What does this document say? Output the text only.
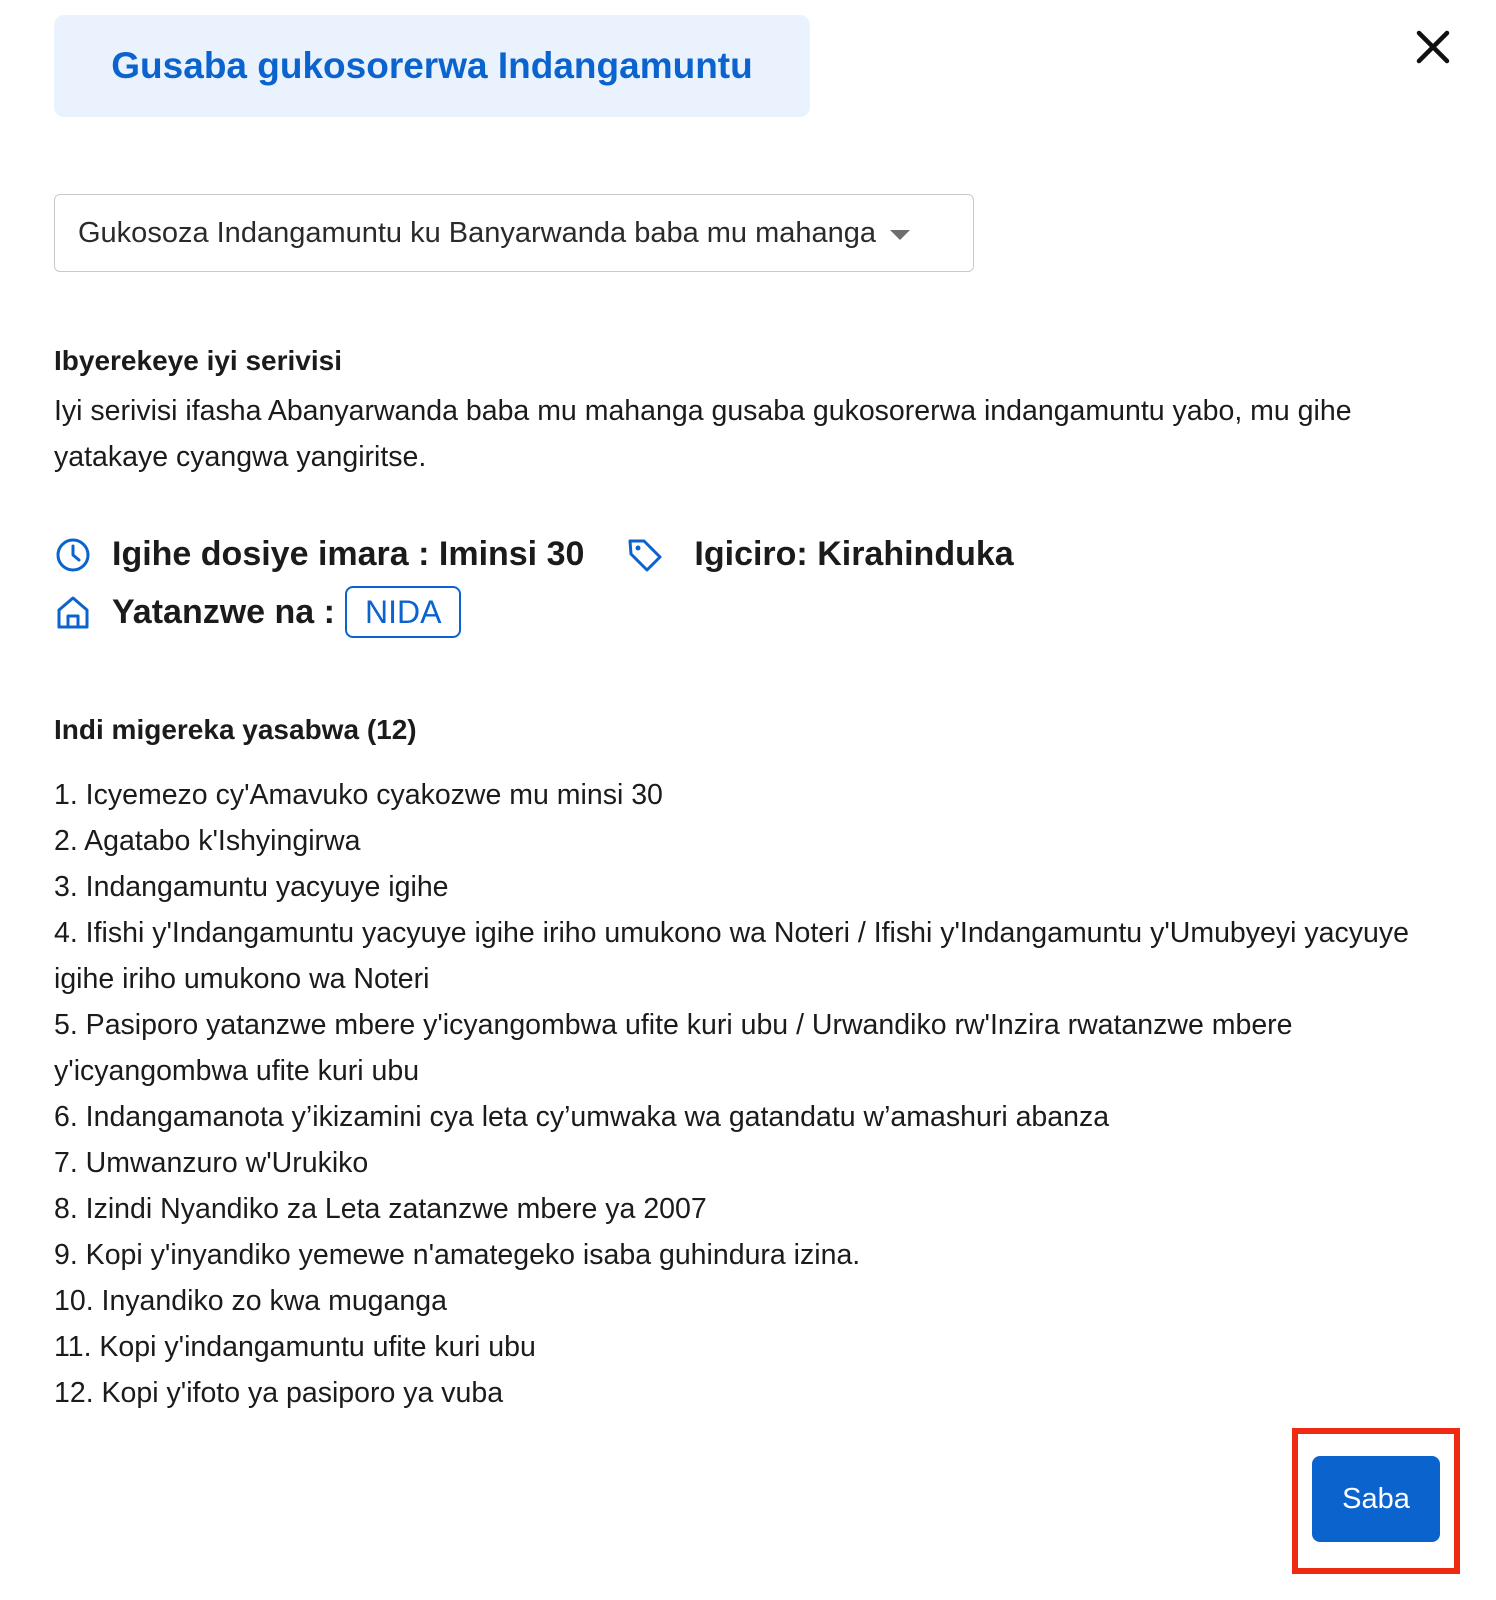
Gusaba gukosorerwa Indangamuntu
Gukosoza Indangamuntu ku Banyarwanda baba mu mahanga
Ibyerekeye iyi serivisi

Iyi serivisi ifasha Abanyarwanda baba mu mahanga gusaba gukosorerwa indangamuntu yabo, mu gihe yatakaye cyangwa yangiritse.

Igihe dosiye imara : Iminsi 30	Igiciro: Kirahinduka
Yatanzwe na : NIDA
Indi migereka yasabwa (12)
1. Icyemezo cy'Amavuko cyakozwe mu minsi 30
2. Agatabo k'Ishyingirwa
3. Indangamuntu yacyuye igihe
4. Ifishi y'Indangamuntu yacyuye igihe iriho umukono wa Noteri / Ifishi y'Indangamuntu y'Umubyeyi yacyuye igihe iriho umukono wa Noteri
5. Pasiporo yatanzwe mbere y'icyangombwa ufite kuri ubu / Urwandiko rw'Inzira rwatanzwe mbere y'icyangombwa ufite kuri ubu
6. Indangamanota y’ikizamini cya leta cy’umwaka wa gatandatu w’amashuri abanza
7. Umwanzuro w'Urukiko
8. Izindi Nyandiko za Leta zatanzwe mbere ya 2007
9. Kopi y'inyandiko yemewe n'amategeko isaba guhindura izina.
10. Inyandiko zo kwa muganga
11. Kopi y'indangamuntu ufite kuri ubu
12. Kopi y'ifoto ya pasiporo ya vuba
Saba
